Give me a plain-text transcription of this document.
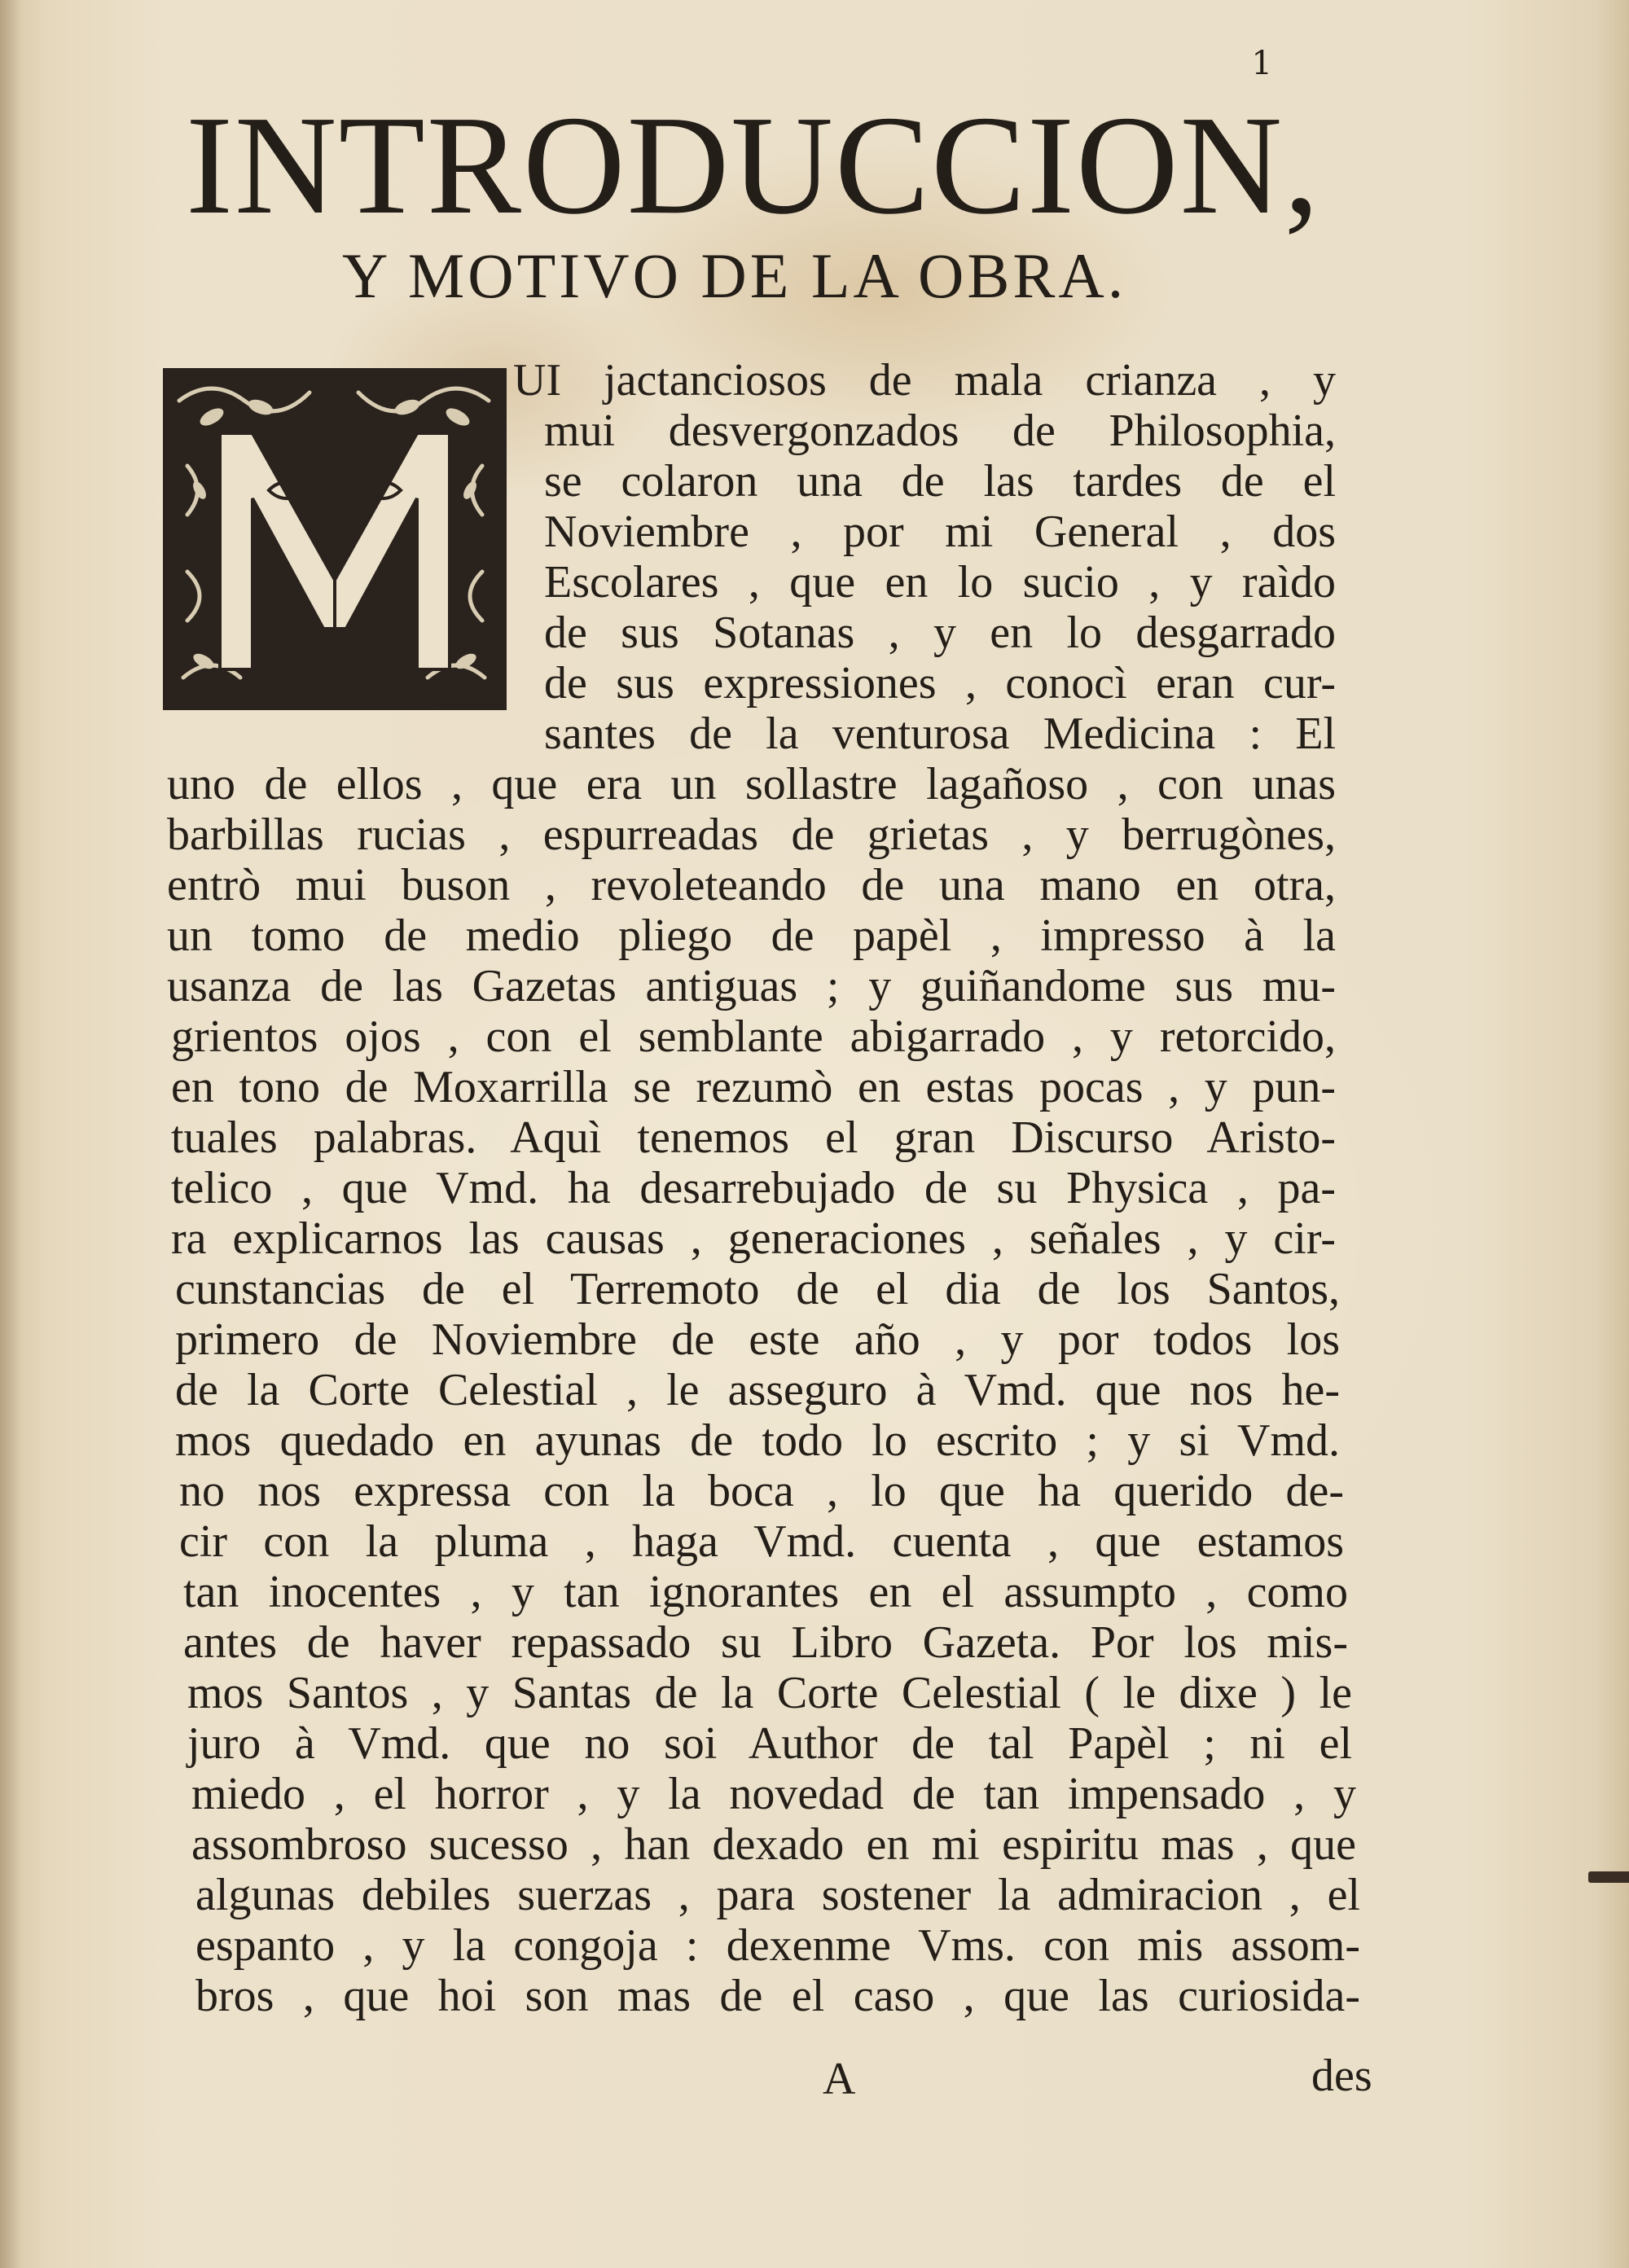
1
INTRODUCCION,
Y MOTIVO DE LA OBRA.
UI jactanciosos de mala crianza , y
mui desvergonzados de Philosophia,
se colaron una de las tardes de el
Noviembre , por mi General , dos
Escolares , que en lo sucio , y raìdo
de sus Sotanas , y en lo desgarrado
de sus expressiones , conocì eran cur-
santes de la venturosa Medicina : El
uno de ellos , que era un sollastre lagañoso , con unas
barbillas rucias , espurreadas de grietas , y berrugònes,
entrò mui buson , revoleteando de una mano en otra,
un tomo de medio pliego de papèl , impresso à la
usanza de las Gazetas antiguas ; y guiñandome sus mu-
grientos ojos , con el semblante abigarrado , y retorcido,
en tono de Moxarrilla se rezumò en estas pocas , y pun-
tuales palabras. Aquì tenemos el gran Discurso Aristo-
telico , que Vmd. ha desarrebujado de su Physica , pa-
ra explicarnos las causas , generaciones , señales , y cir-
cunstancias de el Terremoto de el dia de los Santos,
primero de Noviembre de este año , y por todos los
de la Corte Celestial , le asseguro à Vmd. que nos he-
mos quedado en ayunas de todo lo escrito ; y si Vmd.
no nos expressa con la boca , lo que ha querido de-
cir con la pluma , haga Vmd. cuenta , que estamos
tan inocentes , y tan ignorantes en el assumpto , como
antes de haver repassado su Libro Gazeta. Por los mis-
mos Santos , y Santas de la Corte Celestial ( le dixe ) le
juro à Vmd. que no soi Author de tal Papèl ; ni el
miedo , el horror , y la novedad de tan impensado , y
assombroso sucesso , han dexado en mi espiritu mas , que
algunas debiles suerzas , para sostener la admiracion , el
espanto , y la congoja : dexenme Vms. con mis assom-
bros , que hoi son mas de el caso , que las curiosida-
A	des
